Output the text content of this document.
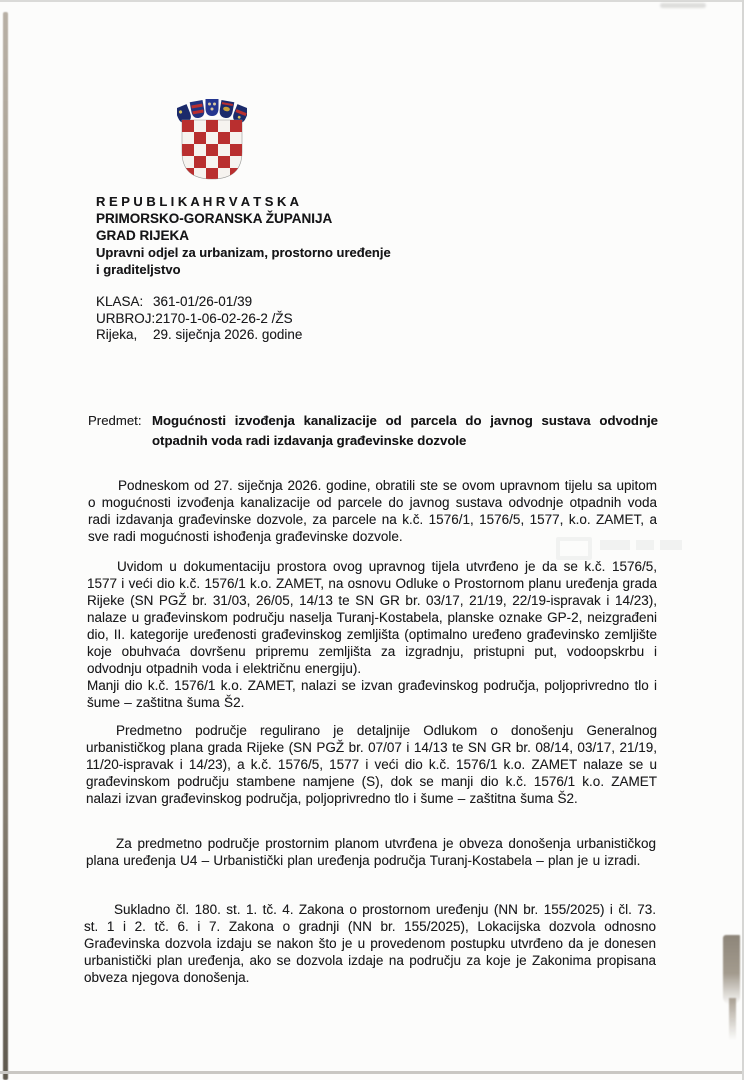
R E P U B L I K A H R V A T S K A
PRIMORSKO-GORANSKA ŽUPANIJA
GRAD RIJEKA
Upravni odjel za urbanizam, prostorno uređenje
i graditeljstvo
KLASA: 361-01/26-01/39
URBROJ: 2170-1-06-02-26-2 /ŽS
Rijeka,	29. siječnja 2026. godine
Predmet: Mogućnosti izvođenja kanalizacije od parcela do javnog sustava odvodnje otpadnih voda radi izdavanja građevinske dozvole
Podneskom od 27. siječnja 2026. godine, obratili ste se ovom upravnom tijelu sa upitom o mogućnosti izvođenja kanalizacije od parcele do javnog sustava odvodnje otpadnih voda radi izdavanja građevinske dozvole, za parcele na k.č. 1576/1, 1576/5, 1577, k.o. ZAMET, a sve radi mogućnosti ishođenja građevinske dozvole.
Uvidom u dokumentaciju prostora ovog upravnog tijela utvrđeno je da se k.č. 1576/5, 1577 i veći dio k.č. 1576/1 k.o. ZAMET, na osnovu Odluke o Prostornom planu uređenja grada Rijeke (SN PGŽ br. 31/03, 26/05, 14/13 te SN GR br. 03/17, 21/19, 22/19-ispravak i 14/23), nalaze u građevinskom području naselja Turanj-Kostabela, planske oznake GP-2, neizgrađeni dio, II. kategorije uređenosti građevinskog zemljišta (optimalno uređeno građevinsko zemljište koje obuhvaća dovršenu pripremu zemljišta za izgradnju, pristupni put, vodoopskrbu i odvodnju otpadnih voda i električnu energiju).
Manji dio k.č. 1576/1 k.o. ZAMET, nalazi se izvan građevinskog područja, poljoprivredno tlo i šume – zaštitna šuma Š2.
Predmetno područje regulirano je detaljnije Odlukom o donošenju Generalnog urbanističkog plana grada Rijeke (SN PGŽ br. 07/07 i 14/13 te SN GR br. 08/14, 03/17, 21/19, 11/20-ispravak i 14/23), a k.č. 1576/5, 1577 i veći dio k.č. 1576/1 k.o. ZAMET nalaze se u građevinskom području stambene namjene (S), dok se manji dio k.č. 1576/1 k.o. ZAMET nalazi izvan građevinskog područja, poljoprivredno tlo i šume – zaštitna šuma Š2.
Za predmetno područje prostornim planom utvrđena je obveza donošenja urbanističkog plana uređenja U4 – Urbanistički plan uređenja područja Turanj-Kostabela – plan je u izradi.
Sukladno čl. 180. st. 1. tč. 4. Zakona o prostornom uređenju (NN br. 155/2025) i čl. 73. st. 1 i 2. tč. 6. i 7. Zakona o gradnji (NN br. 155/2025), Lokacijska dozvola odnosno Građevinska dozvola izdaju se nakon što je u provedenom postupku utvrđeno da je donesen urbanistički plan uređenja, ako se dozvola izdaje na području za koje je Zakonima propisana obveza njegova donošenja.
